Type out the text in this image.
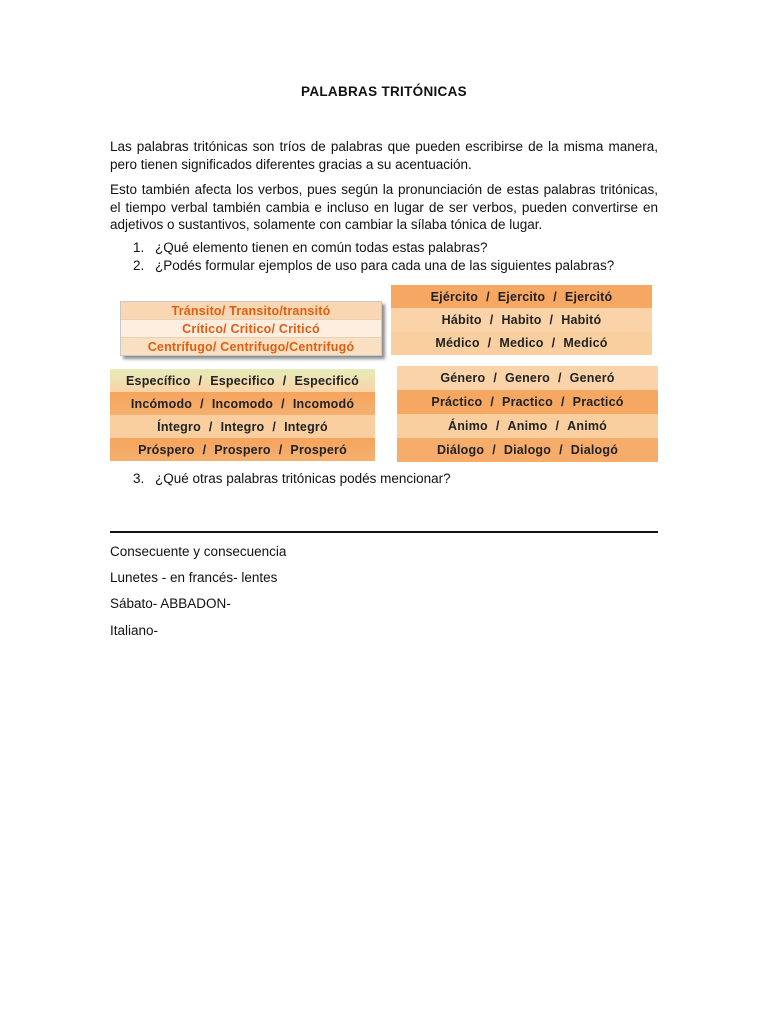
PALABRAS TRITÓNICAS

Las palabras tritónicas son tríos de palabras que pueden escribirse de la misma manera, pero tienen significados diferentes gracias a su acentuación.

Esto también afecta los verbos, pues según la pronunciación de estas palabras tritónicas, el tiempo verbal también cambia e incluso en lugar de ser verbos, pueden convertirse en adjetivos o sustantivos, solamente con cambiar la sílaba tónica de lugar.

1. ¿Qué elemento tienen en común todas estas palabras?
2. ¿Podés formular ejemplos de uso para cada una de las siguientes palabras?
Tránsito/ Transito/transitó
Crítico/ Critico/ Criticó
Centrífugo/ Centrifugo/Centrifugó
Ejército / Ejercito / Ejercitó
Hábito / Habito / Habitó
Médico / Medico / Medicó
Específico / Especifico / Especificó
Incómodo / Incomodo / Incomodó
Íntegro / Integro / Integró
Próspero / Prospero / Prosperó
Género / Genero / Generó
Práctico / Practico / Practicó
Ánimo / Animo / Animó
Diálogo / Dialogo / Dialogó
3. ¿Qué otras palabras tritónicas podés mencionar?
Consecuente y consecuencia
Lunetes - en francés- lentes
Sábato- ABBADON-
Italiano-
